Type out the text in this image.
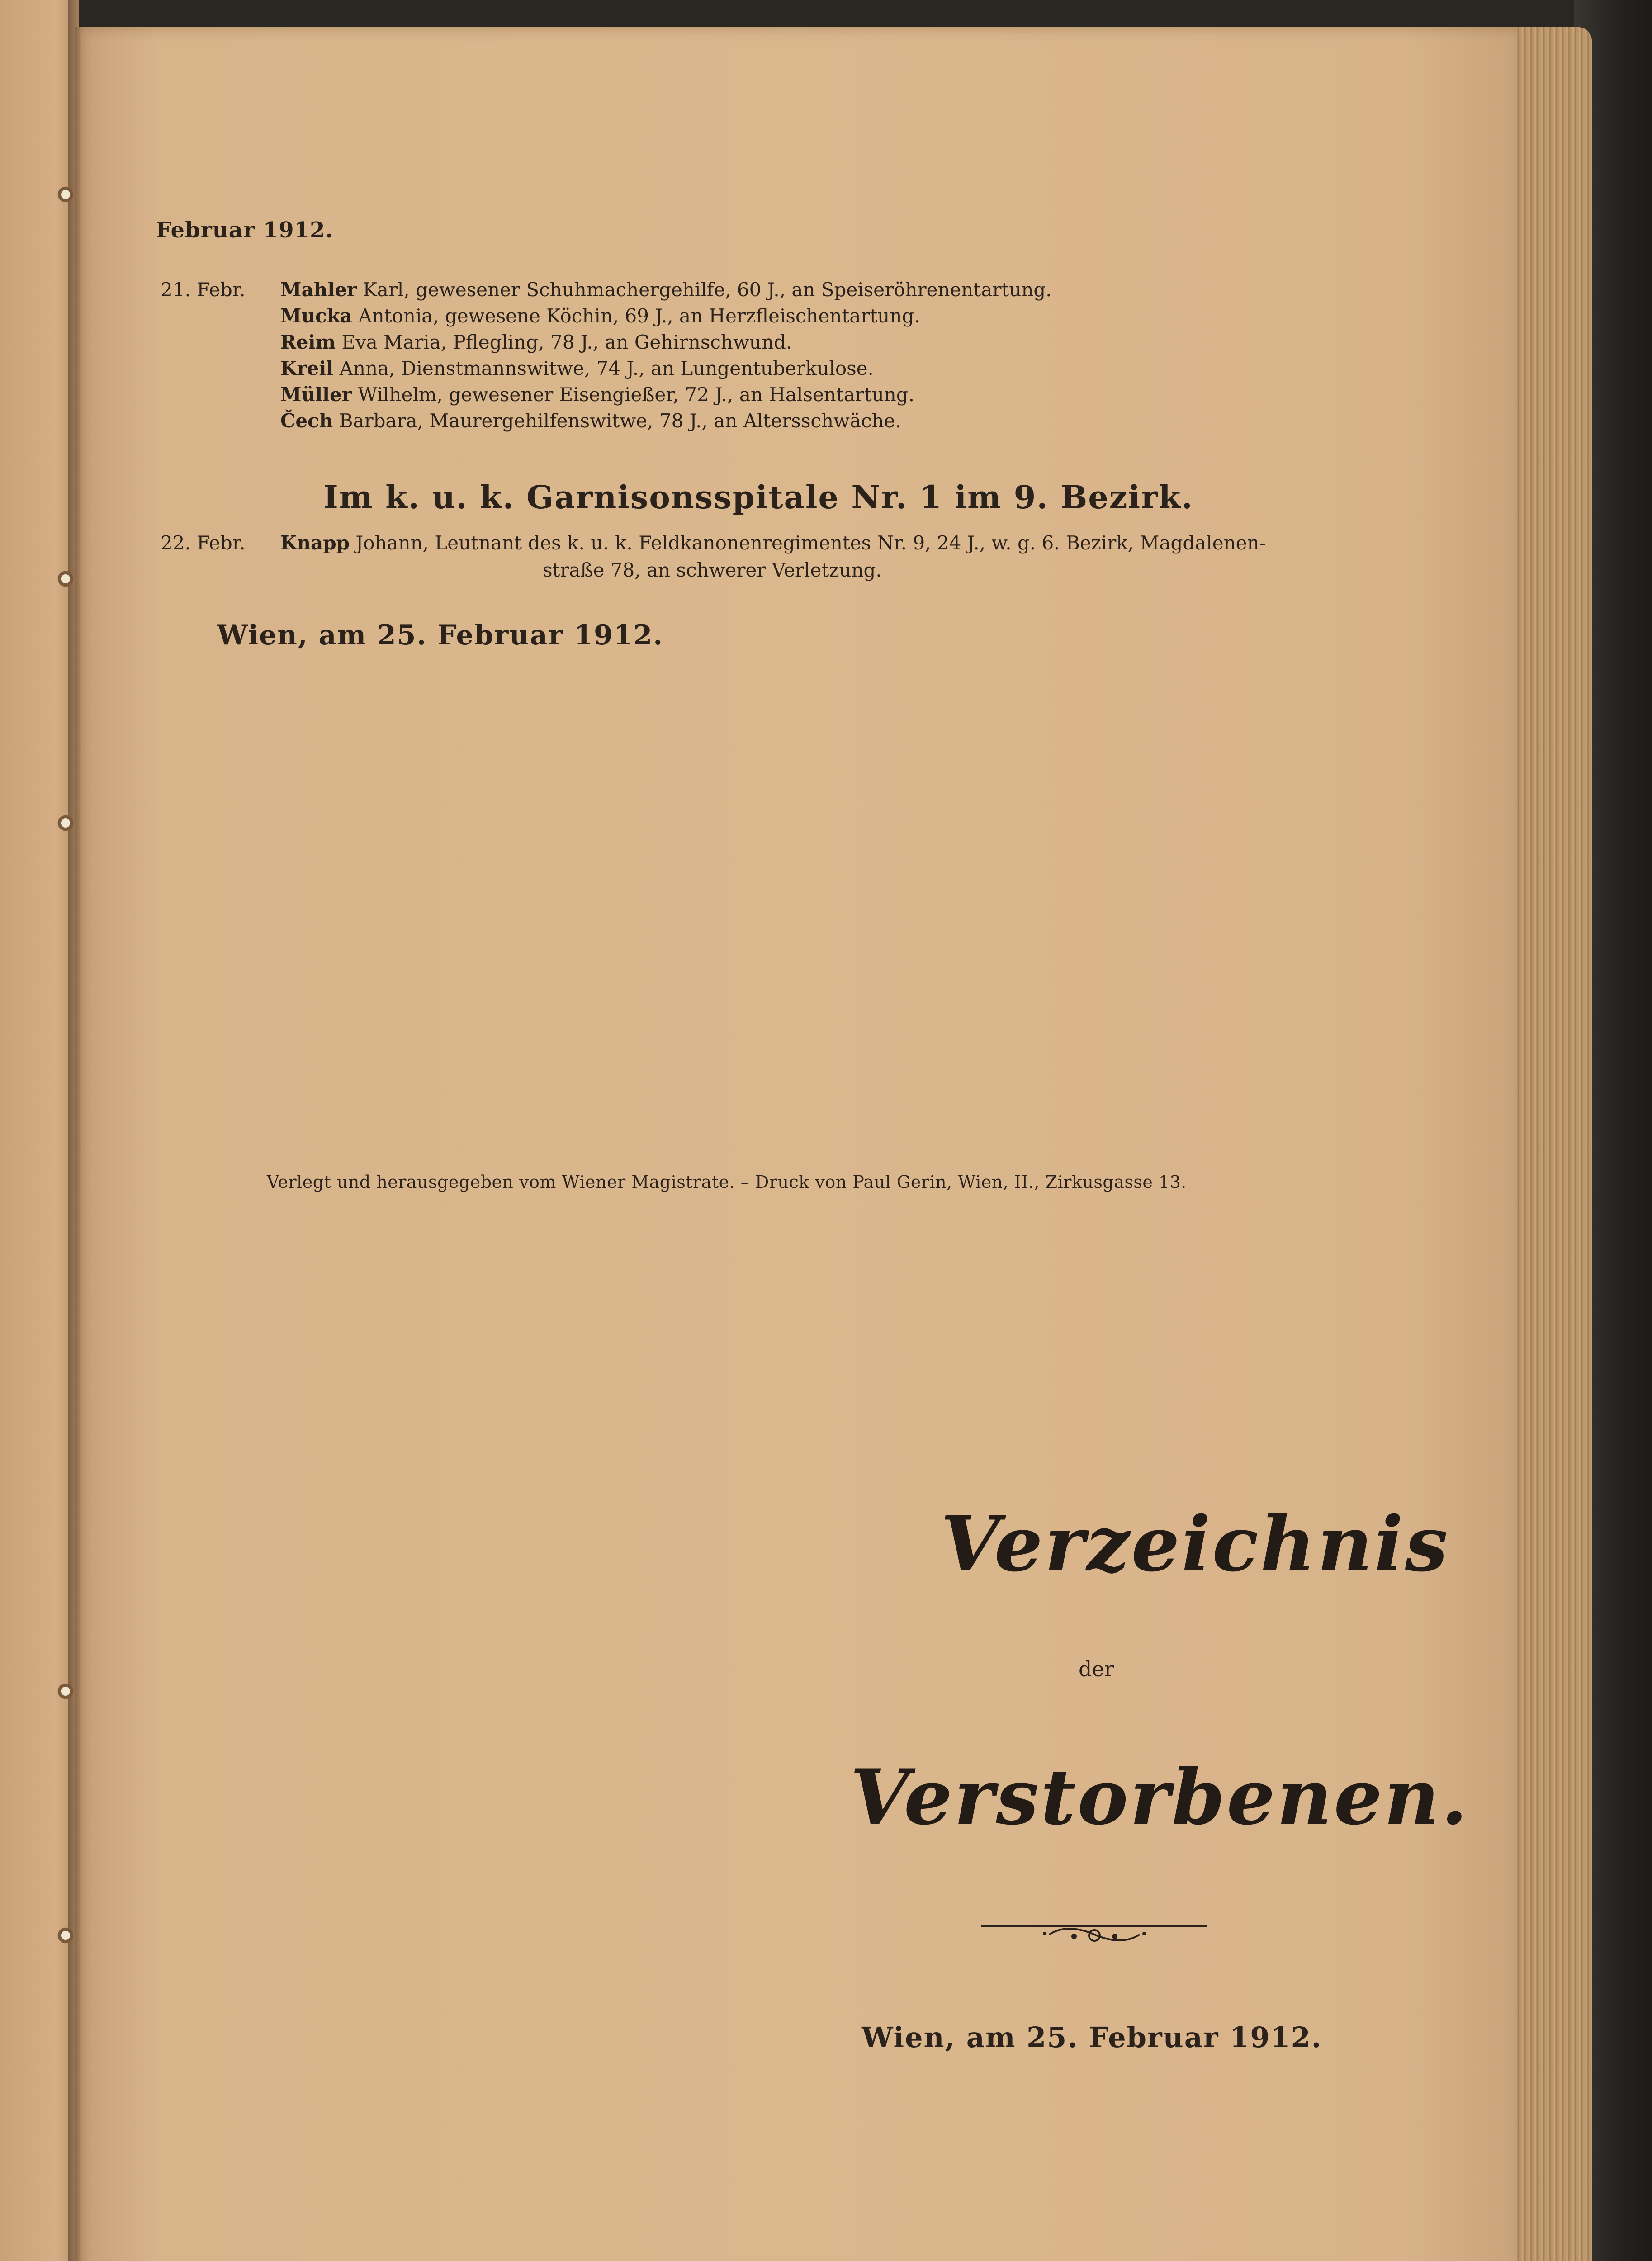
Februar 1912.
21. Febr. Mahler Karl, gewesener Schuhmachergehilfe, 60 J., an Speiseröhrenentartung.
Mucka Antonia, gewesene Köchin, 69 J., an Herzfleischentartung.
Reim Eva Maria, Pflegling, 78 J., an Gehirnschwund.
Kreil Anna, Dienstmannswitwe, 74 J., an Lungentuberkulose.
Müller Wilhelm, gewesener Eisengießer, 72 J., an Halsentartung.
Čech Barbara, Maurergehilfenswitwe, 78 J., an Altersschwäche.
Im k. u. k. Garnisonsspitale Nr. 1 im 9. Bezirk.
22. Febr. Knapp Johann, Leutnant des k. u. k. Feldkanonenregimentes Nr. 9, 24 J., w. g. 6. Bezirk, Magdalenen-
straße 78, an schwerer Verletzung.
Wien, am 25. Februar 1912.
Verlegt und herausgegeben vom Wiener Magistrate. – Druck von Paul Gerin, Wien, II., Zirkusgasse 13.
Verzeichnis
der
Verstorbenen.
Wien, am 25. Februar 1912.
